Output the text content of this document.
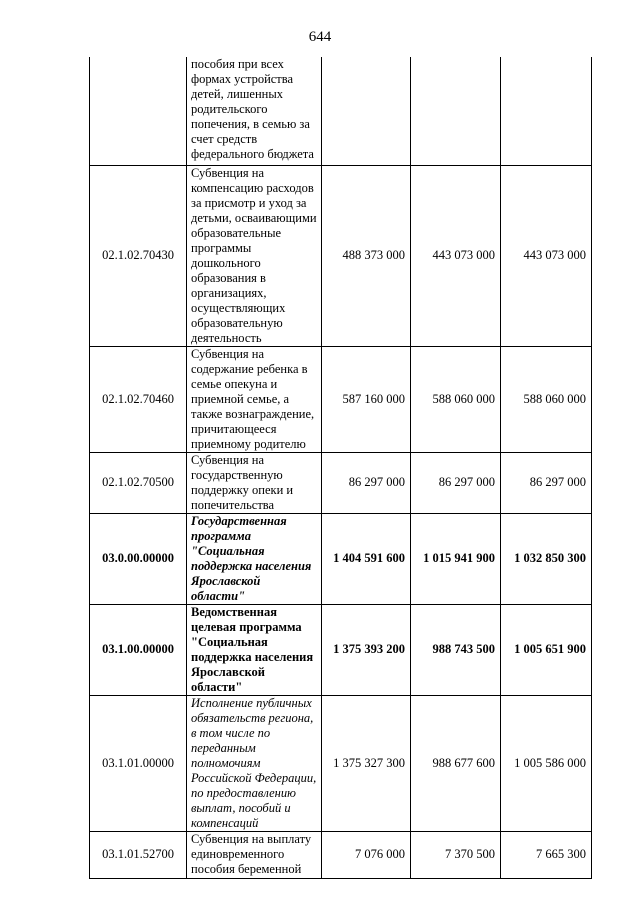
644
	пособия при всех формах устройства детей, лишенных родительского попечения, в семью за счет средств федерального бюджета			
02.1.02.70430	Субвенция на компенсацию расходов за присмотр и уход за детьми, осваивающими образовательные программы дошкольного образования в организациях, осуществляющих образовательную деятельность	488 373 000	443 073 000	443 073 000
02.1.02.70460	Субвенция на содержание ребенка в семье опекуна и приемной семье, а также вознаграждение, причитающееся приемному родителю	587 160 000	588 060 000	588 060 000
02.1.02.70500	Субвенция на государственную поддержку опеки и попечительства	86 297 000	86 297 000	86 297 000
03.0.00.00000	Государственная программа "Социальная поддержка населения Ярославской области"	1 404 591 600	1 015 941 900	1 032 850 300
03.1.00.00000	Ведомственная целевая программа "Социальная поддержка населения Ярославской области"	1 375 393 200	988 743 500	1 005 651 900
03.1.01.00000	Исполнение публичных обязательств региона, в том числе по переданным полномочиям Российской Федерации, по предоставлению выплат, пособий и компенсаций	1 375 327 300	988 677 600	1 005 586 000
03.1.01.52700	Субвенция на выплату единовременного пособия беременной	7 076 000	7 370 500	7 665 300
